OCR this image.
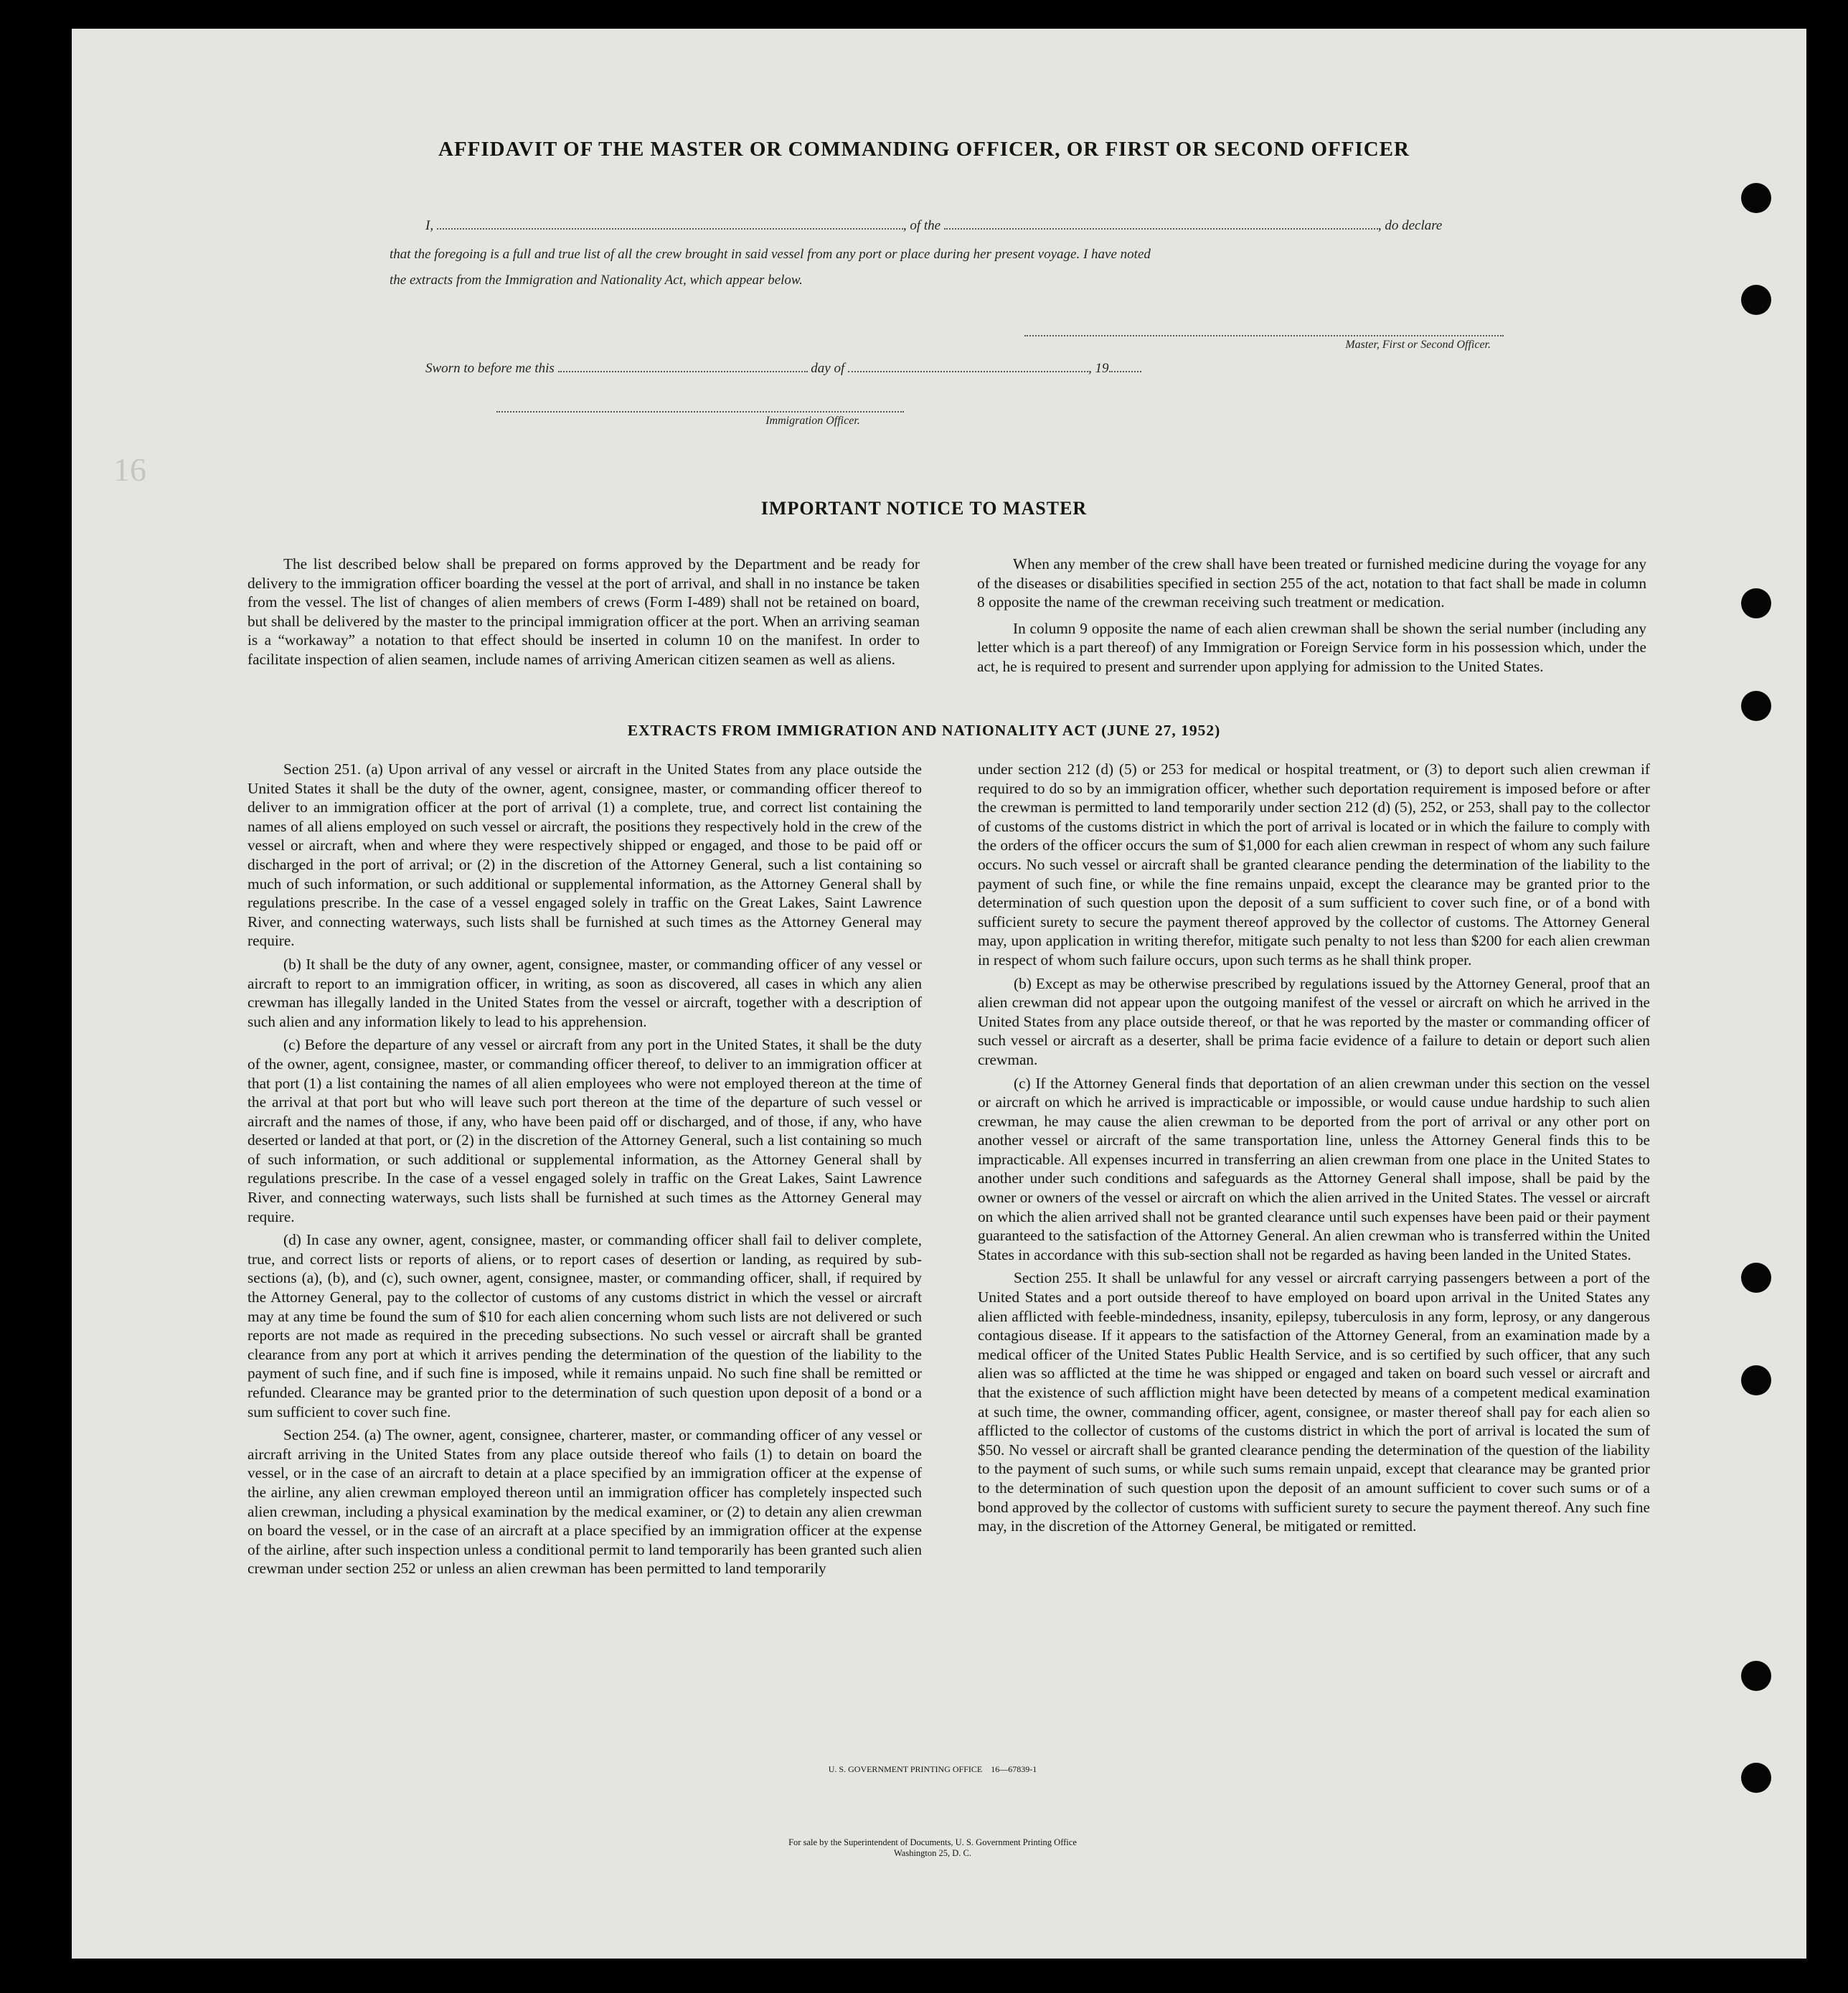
16
AFFIDAVIT OF THE MASTER OR COMMANDING OFFICER, OR FIRST OR SECOND OFFICER
I,	, of the	, do declare
that the foregoing is a full and true list of all the crew brought in said vessel from any port or place during her present voyage. I have noted
the extracts from the Immigration and Nationality Act, which appear below.
Master, First or Second Officer.
Sworn to before me this	day of	, 19
Immigration Officer.
IMPORTANT NOTICE TO MASTER

The list described below shall be prepared on forms approved by the Department and be ready for delivery to the immigration officer boarding the vessel at the port of arrival, and shall in no instance be taken from the vessel. The list of changes of alien members of crews (Form I-489) shall not be retained on board, but shall be delivered by the master to the principal immigration officer at the port. When an arriving seaman is a “workaway” a notation to that effect should be inserted in column 10 on the manifest. In order to facilitate inspection of alien seamen, include names of arriving American citizen seamen as well as aliens.

When any member of the crew shall have been treated or furnished medicine during the voyage for any of the diseases or disabilities specified in section 255 of the act, notation to that fact shall be made in column 8 opposite the name of the crewman receiving such treatment or medication.

In column 9 opposite the name of each alien crewman shall be shown the serial number (including any letter which is a part thereof) of any Immigration or Foreign Service form in his possession which, under the act, he is required to present and surrender upon applying for admission to the United States.

EXTRACTS FROM IMMIGRATION AND NATIONALITY ACT (JUNE 27, 1952)

Section 251. (a) Upon arrival of any vessel or aircraft in the United States from any place outside the United States it shall be the duty of the owner, agent, consignee, master, or commanding officer thereof to deliver to an immigration officer at the port of arrival (1) a complete, true, and correct list containing the names of all aliens employed on such vessel or aircraft, the positions they respectively hold in the crew of the vessel or aircraft, when and where they were respectively shipped or engaged, and those to be paid off or discharged in the port of arrival; or (2) in the discretion of the Attorney General, such a list containing so much of such information, or such additional or supplemental information, as the Attorney General shall by regulations prescribe. In the case of a vessel engaged solely in traffic on the Great Lakes, Saint Lawrence River, and connecting waterways, such lists shall be furnished at such times as the Attorney General may require.

(b) It shall be the duty of any owner, agent, consignee, master, or commanding officer of any vessel or aircraft to report to an immigration officer, in writing, as soon as discovered, all cases in which any alien crewman has illegally landed in the United States from the vessel or aircraft, together with a description of such alien and any information likely to lead to his apprehension.

(c) Before the departure of any vessel or aircraft from any port in the United States, it shall be the duty of the owner, agent, consignee, master, or commanding officer thereof, to deliver to an immigration officer at that port (1) a list containing the names of all alien employees who were not employed thereon at the time of the arrival at that port but who will leave such port thereon at the time of the departure of such vessel or aircraft and the names of those, if any, who have been paid off or discharged, and of those, if any, who have deserted or landed at that port, or (2) in the discretion of the Attorney General, such a list containing so much of such information, or such additional or supplemental information, as the Attorney General shall by regulations prescribe. In the case of a vessel engaged solely in traffic on the Great Lakes, Saint Lawrence River, and connecting waterways, such lists shall be furnished at such times as the Attorney General may require.

(d) In case any owner, agent, consignee, master, or commanding officer shall fail to deliver complete, true, and correct lists or reports of aliens, or to report cases of desertion or landing, as required by sub-sections (a), (b), and (c), such owner, agent, consignee, master, or commanding officer, shall, if required by the Attorney General, pay to the collector of customs of any customs district in which the vessel or aircraft may at any time be found the sum of $10 for each alien concerning whom such lists are not delivered or such reports are not made as required in the preceding subsections. No such vessel or aircraft shall be granted clearance from any port at which it arrives pending the determination of the question of the liability to the payment of such fine, and if such fine is imposed, while it remains unpaid. No such fine shall be remitted or refunded. Clearance may be granted prior to the determination of such question upon deposit of a bond or a sum sufficient to cover such fine.

Section 254. (a) The owner, agent, consignee, charterer, master, or commanding officer of any vessel or aircraft arriving in the United States from any place outside thereof who fails (1) to detain on board the vessel, or in the case of an aircraft to detain at a place specified by an immigration officer at the expense of the airline, any alien crewman employed thereon until an immigration officer has completely inspected such alien crewman, including a physical examination by the medical examiner, or (2) to detain any alien crewman on board the vessel, or in the case of an aircraft at a place specified by an immigration officer at the expense of the airline, after such inspection unless a conditional permit to land temporarily has been granted such alien crewman under section 252 or unless an alien crewman has been permitted to land temporarily

under section 212 (d) (5) or 253 for medical or hospital treatment, or (3) to deport such alien crewman if required to do so by an immigration officer, whether such deportation requirement is imposed before or after the crewman is permitted to land temporarily under section 212 (d) (5), 252, or 253, shall pay to the collector of customs of the customs district in which the port of arrival is located or in which the failure to comply with the orders of the officer occurs the sum of $1,000 for each alien crewman in respect of whom any such failure occurs. No such vessel or aircraft shall be granted clearance pending the determination of the liability to the payment of such fine, or while the fine remains unpaid, except the clearance may be granted prior to the determination of such question upon the deposit of a sum sufficient to cover such fine, or of a bond with sufficient surety to secure the payment thereof approved by the collector of customs. The Attorney General may, upon application in writing therefor, mitigate such penalty to not less than $200 for each alien crewman in respect of whom such failure occurs, upon such terms as he shall think proper.

(b) Except as may be otherwise prescribed by regulations issued by the Attorney General, proof that an alien crewman did not appear upon the outgoing manifest of the vessel or aircraft on which he arrived in the United States from any place outside thereof, or that he was reported by the master or commanding officer of such vessel or aircraft as a deserter, shall be prima facie evidence of a failure to detain or deport such alien crewman.

(c) If the Attorney General finds that deportation of an alien crewman under this section on the vessel or aircraft on which he arrived is impracticable or impossible, or would cause undue hardship to such alien crewman, he may cause the alien crewman to be deported from the port of arrival or any other port on another vessel or aircraft of the same transportation line, unless the Attorney General finds this to be impracticable. All expenses incurred in transferring an alien crewman from one place in the United States to another under such conditions and safeguards as the Attorney General shall impose, shall be paid by the owner or owners of the vessel or aircraft on which the alien arrived in the United States. The vessel or aircraft on which the alien arrived shall not be granted clearance until such expenses have been paid or their payment guaranteed to the satisfaction of the Attorney General. An alien crewman who is transferred within the United States in accordance with this sub-section shall not be regarded as having been landed in the United States.

Section 255. It shall be unlawful for any vessel or aircraft carrying passengers between a port of the United States and a port outside thereof to have employed on board upon arrival in the United States any alien afflicted with feeble-mindedness, insanity, epilepsy, tuberculosis in any form, leprosy, or any dangerous contagious disease. If it appears to the satisfaction of the Attorney General, from an examination made by a medical officer of the United States Public Health Service, and is so certified by such officer, that any such alien was so afflicted at the time he was shipped or engaged and taken on board such vessel or aircraft and that the existence of such affliction might have been detected by means of a competent medical examination at such time, the owner, commanding officer, agent, consignee, or master thereof shall pay for each alien so afflicted to the collector of customs of the customs district in which the port of arrival is located the sum of $50. No vessel or aircraft shall be granted clearance pending the determination of the question of the liability to the payment of such sums, or while such sums remain unpaid, except that clearance may be granted prior to the determination of such question upon the deposit of an amount sufficient to cover such sums or of a bond approved by the collector of customs with sufficient surety to secure the payment thereof. Any such fine may, in the discretion of the Attorney General, be mitigated or remitted.

U. S. GOVERNMENT PRINTING OFFICE    16—67839-1
For sale by the Superintendent of Documents, U. S. Government Printing Office
Washington 25, D. C.
